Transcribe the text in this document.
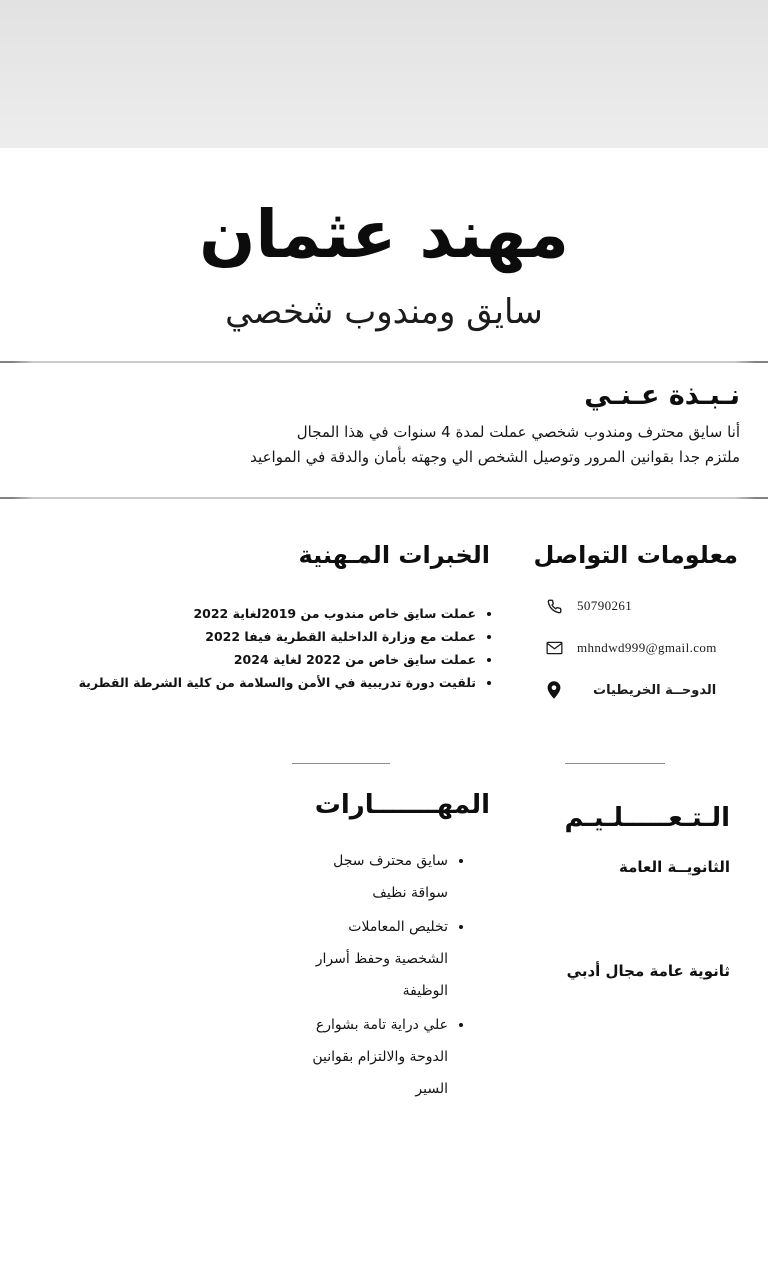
مهند عثمان
سايق ومندوب شخصي
نـبـذة عـنـي
أنا سايق محترف ومندوب شخصي عملت لمدة 4 سنوات في هذا المجال
ملتزم جدا بقوانين المرور وتوصيل الشخص الي وجهته بأمان والدقة في المواعيد
معلومات التواصل
الخبرات المـهنية
50790261
mhndwd999@gmail.com
الدوحــة الخريطيات
• عملت سايق خاص مندوب من 2019لغاية 2022
• عملت مع وزارة الداخلية القطرية فيفا 2022
• عملت سايق خاص من 2022 لغاية 2024
• تلقيت دورة تدريبية في الأمن والسلامة من كلية الشرطة القطرية
المهـــــــارات	الـتـعـــــلـيـم
الثانويــة العامة
ثانوية عامة مجال أدبي
• سايق محترف سجل سواقة نظيف
• تخليص المعاملات الشخصية وحفظ أسرار الوظيفة
• علي دراية تامة بشوارع الدوحة والالتزام بقوانين السير
